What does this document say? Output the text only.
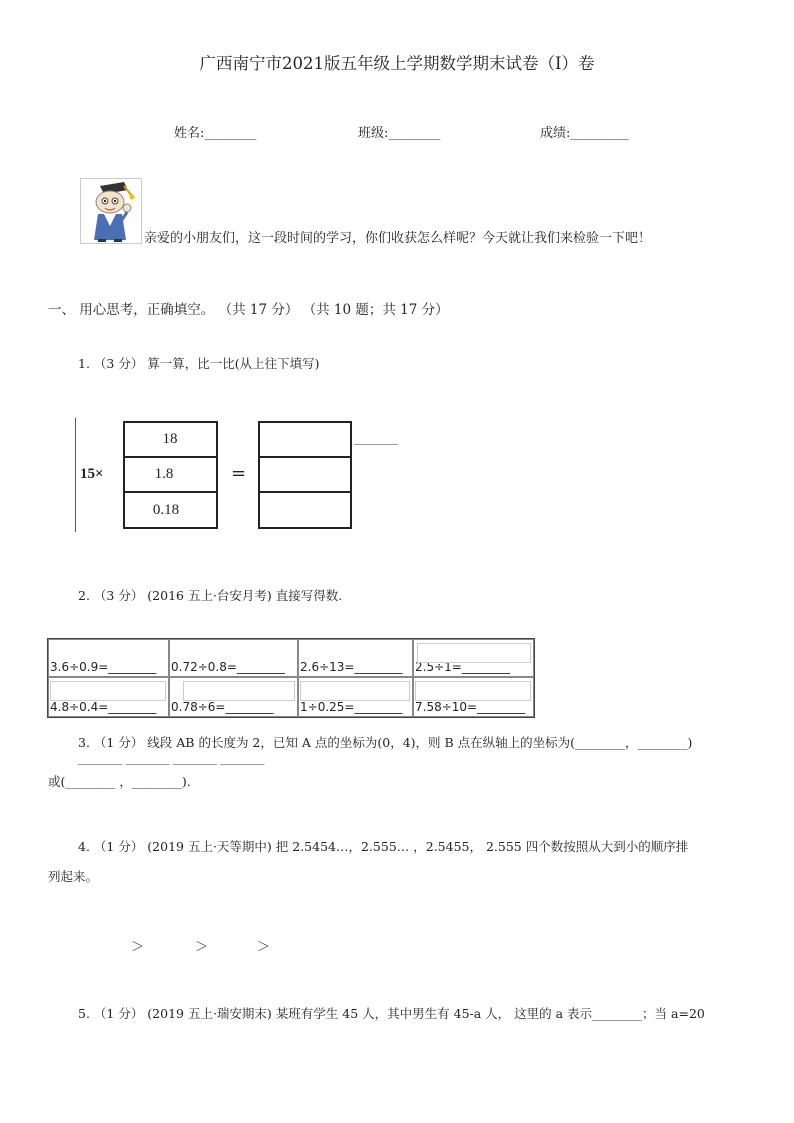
广西南宁市2021版五年级上学期数学期末试卷（I）卷
姓名:________	班级:________	成绩:_________
亲爱的小朋友们，这一段时间的学习，你们收获怎么样呢？今天就让我们来检验一下吧！
一、 用心思考，正确填空。 （共 17 分） （共 10 题；共 17 分）
1. （3 分） 算一算，比一比(从上往下填写)
15×
18
1.8
0.18
=
________
2. （3 分） (2016 五上·台安月考) 直接写得数.
3.6÷0.9=________ 0.72÷0.8=________ 2.6÷13=________ 2.5÷1=________
4.8÷0.4=________ 0.78÷6=________ 1÷0.25=________ 7.58÷10=________
3. （1 分） 线段 AB 的长度为 2，已知 A 点的坐标为(0，4)，则 B 点在纵轴上的坐标为(________，________)
________ ________ ________ ________
或(________ ，________).
4. （1 分） (2019 五上·天等期中) 把 2.5454…，2.555… ，2.5455， 2.555 四个数按照从大到小的顺序排
列起来。
＞	＞	＞
5. （1 分） (2019 五上·瑞安期末) 某班有学生 45 人，其中男生有 45-a 人， 这里的 a 表示________；当 a=20
